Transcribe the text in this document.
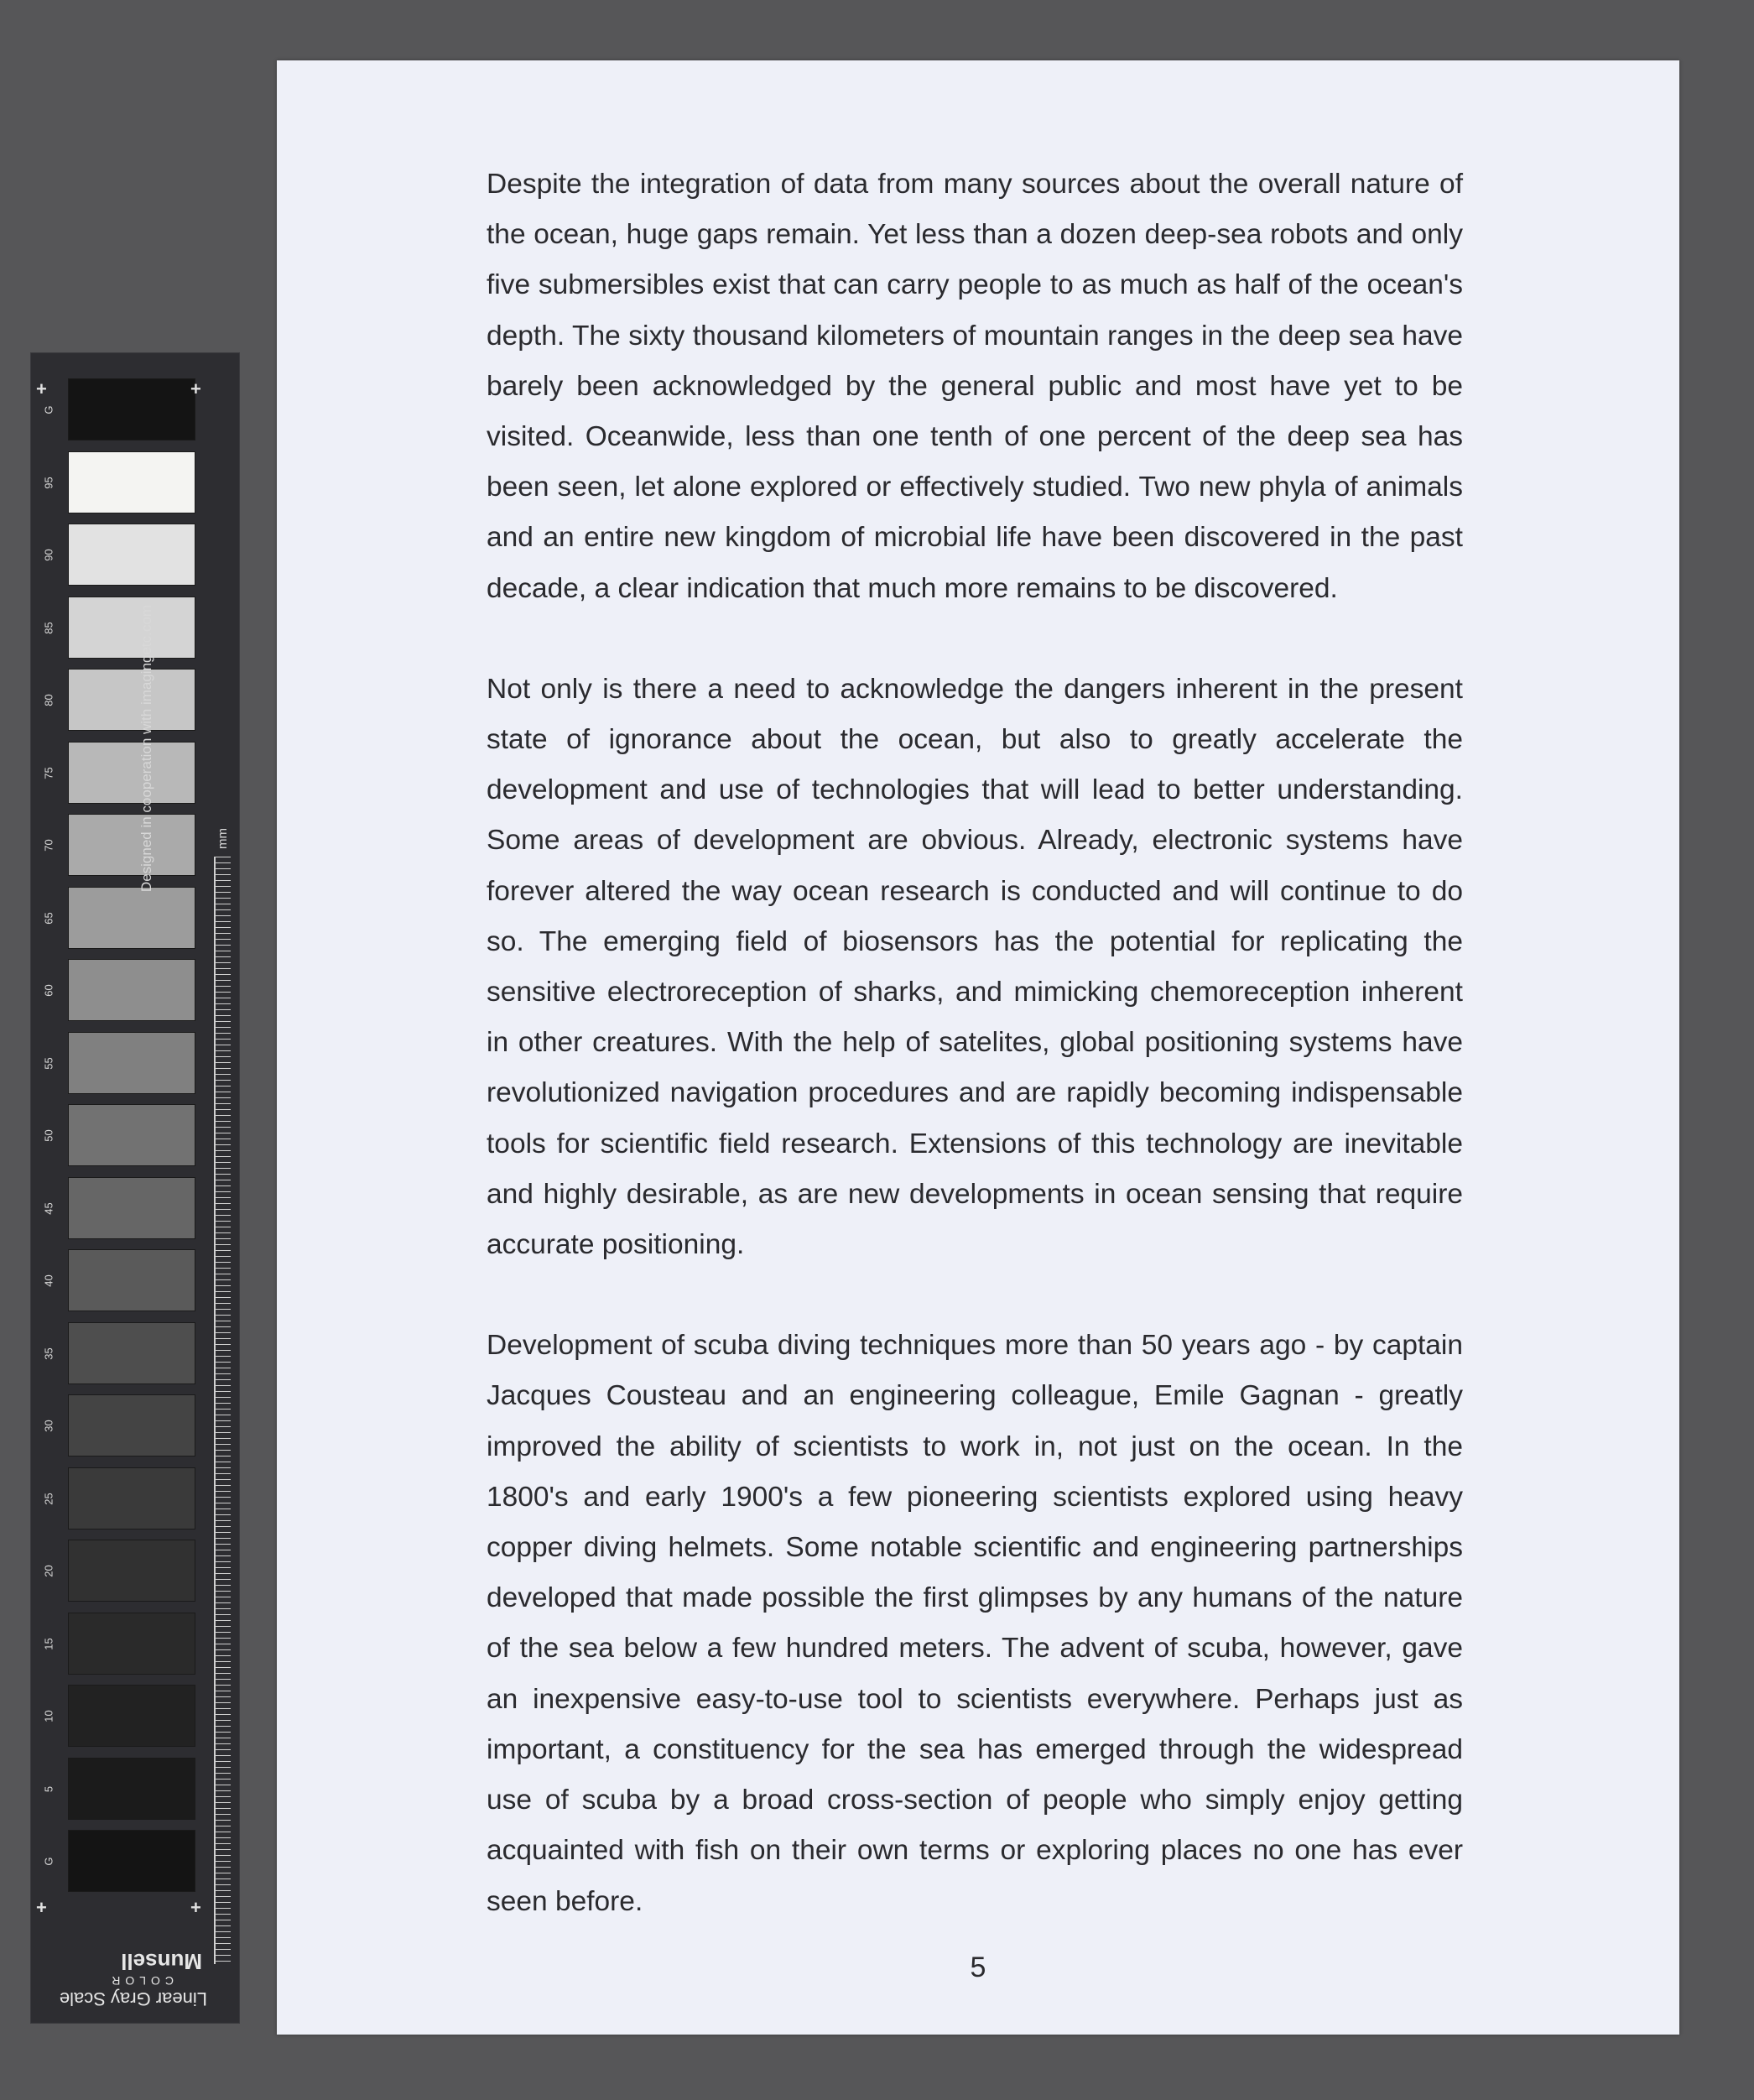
G
95
90
85
80
75
70
65
60
55
50
45
40
35
30
25
20
15
10
5
G
+	+
+	+
Designed in cooperation with imagingetc.com	mm
Linear Gray Scale
COLOR
Munsell

Despite the integration of data from many sources about the overall nature of the ocean, huge gaps remain. Yet less than a dozen deep-sea robots and only five submersibles exist that can carry people to as much as half of the ocean's depth. The sixty thousand kilometers of mountain ranges in the deep sea have barely been acknowledged by the general public and most have yet to be visited. Oceanwide, less than one tenth of one percent of the deep sea has been seen, let alone explored or effectively studied. Two new phyla of animals and an entire new kingdom of microbial life have been discovered in the past decade, a clear indication that much more remains to be discovered.

Not only is there a need to acknowledge the dangers inherent in the present state of ignorance about the ocean, but also to greatly accelerate the development and use of technologies that will lead to better understanding. Some areas of development are obvious. Already, electronic systems have forever altered the way ocean research is conducted and will continue to do so. The emerging field of biosensors has the potential for replicating the sensitive electroreception of sharks, and mimicking chemoreception inherent in other creatures. With the help of satelites, global positioning systems have revolutionized navigation procedures and are rapidly becoming indispensable tools for scientific field research. Extensions of this technology are inevitable and highly desirable, as are new developments in ocean sensing that require accurate positioning.

Development of scuba diving techniques more than 50 years ago - by captain Jacques Cousteau and an engineering colleague, Emile Gagnan - greatly improved the ability of scientists to work in, not just on the ocean. In the 1800's and early 1900's a few pioneering scientists explored using heavy copper diving helmets. Some notable scientific and engineering partnerships developed that made possible the first glimpses by any humans of the nature of the sea below a few hundred meters. The advent of scuba, however, gave an inexpensive easy-to-use tool to scientists everywhere. Perhaps just as important, a constituency for the sea has emerged through the widespread use of scuba by a broad cross-section of people who simply enjoy getting acquainted with fish on their own terms or exploring places no one has ever seen before.

5
